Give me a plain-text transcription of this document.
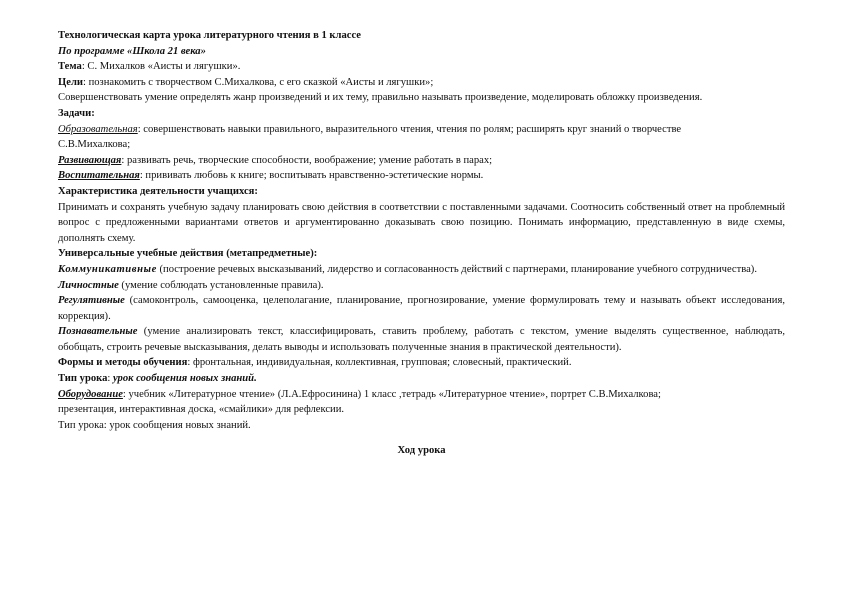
Технологическая карта урока литературного чтения в 1 классе
По программе «Школа 21 века»
Тема: С. Михалков «Аисты и лягушки».
Цели: познакомить с творчеством С.Михалкова, с его сказкой «Аисты и лягушки»;
Совершенствовать умение определять жанр произведений и их тему, правильно называть произведение, моделировать обложку произведения.
Задачи:
Образовательная: совершенствовать навыки правильного, выразительного чтения, чтения по ролям; расширять круг знаний о творчестве
С.В.Михалкова;
Развивающая: развивать речь, творческие способности, воображение; умение работать в парах;
Воспитательная: прививать любовь к книге; воспитывать нравственно-эстетические нормы.
Характеристика деятельности учащихся:
Принимать и сохранять учебную задачу планировать свою действия в соответствии с поставленными задачами. Соотносить собственный ответ на проблемный вопрос с предложенными вариантами ответов и аргументированно доказывать свою позицию. Понимать информацию, представленную в виде схемы, дополнять схему.
Универсальные учебные действия (метапредметные):
Коммуникативные (построение речевых высказываний, лидерство и согласованность действий с партнерами, планирование учебного сотрудничества).
Личностные (умение соблюдать установленные правила).
Регулятивные (самоконтроль, самооценка, целеполагание, планирование, прогнозирование, умение формулировать тему и называть объект исследования, коррекция).
Познавательные (умение анализировать текст, классифицировать, ставить проблему, работать с текстом, умение выделять существенное, наблюдать, обобщать, строить речевые высказывания, делать выводы и использовать полученные знания в практической деятельности).
Формы и методы обучения: фронтальная, индивидуальная, коллективная, групповая; словесный, практический.
Тип урока: урок сообщения новых знаний.
Оборудование: учебник «Литературное чтение» (Л.А.Ефросинина) 1 класс ,тетрадь «Литературное чтение», портрет С.В.Михалкова;
презентация, интерактивная доска, «смайлики» для рефлексии.
Тип урока: урок сообщения новых знаний.
Ход урока
